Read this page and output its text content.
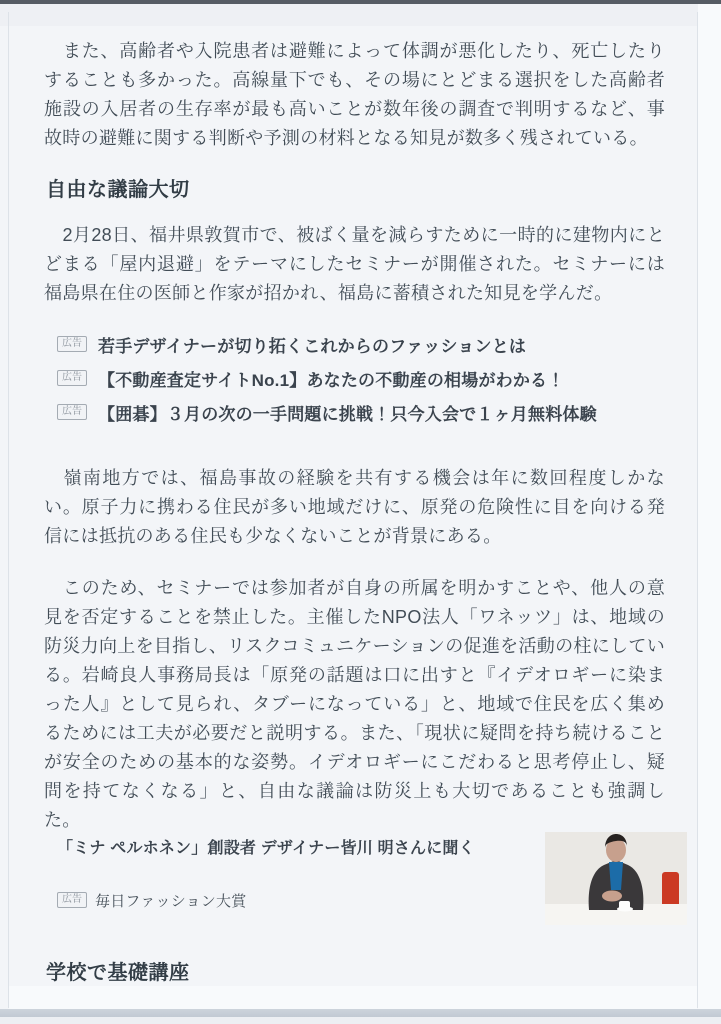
　また、高齢者や入院患者は避難によって体調が悪化したり、死亡したりすることも多かった。高線量下でも、その場にとどまる選択をした高齢者施設の入居者の生存率が最も高いことが数年後の調査で判明するなど、事故時の避難に関する判断や予測の材料となる知見が数多く残されている。

自由な議論大切

　2月28日、福井県敦賀市で、被ばく量を減らすために一時的に建物内にとどまる「屋内退避」をテーマにしたセミナーが開催された。セミナーには福島県在住の医師と作家が招かれ、福島に蓄積された知見を学んだ。

広告 若手デザイナーが切り拓くこれからのファッションとは
広告 【不動産査定サイトNo.1】あなたの不動産の相場がわかる！
広告 【囲碁】３月の次の一手問題に挑戦！只今入会で１ヶ月無料体験

　嶺南地方では、福島事故の経験を共有する機会は年に数回程度しかない。原子力に携わる住民が多い地域だけに、原発の危険性に目を向ける発信には抵抗のある住民も少なくないことが背景にある。

　このため、セミナーでは参加者が自身の所属を明かすことや、他人の意見を否定することを禁止した。主催したNPO法人「ワネッツ」は、地域の防災力向上を目指し、リスクコミュニケーションの促進を活動の柱にしている。岩崎良人事務局長は「原発の話題は口に出すと『イデオロギーに染まった人』として見られ、タブーになっている」と、地域で住民を広く集めるためには工夫が必要だと説明する。また、「現状に疑問を持ち続けることが安全のための基本的な姿勢。イデオロギーにこだわると思考停止し、疑問を持てなくなる」と、自由な議論は防災上も大切であることも強調した。

「ミナ ペルホネン」創設者 デザイナー皆川 明さんに聞く
広告 毎日ファッション大賞
学校で基礎講座
